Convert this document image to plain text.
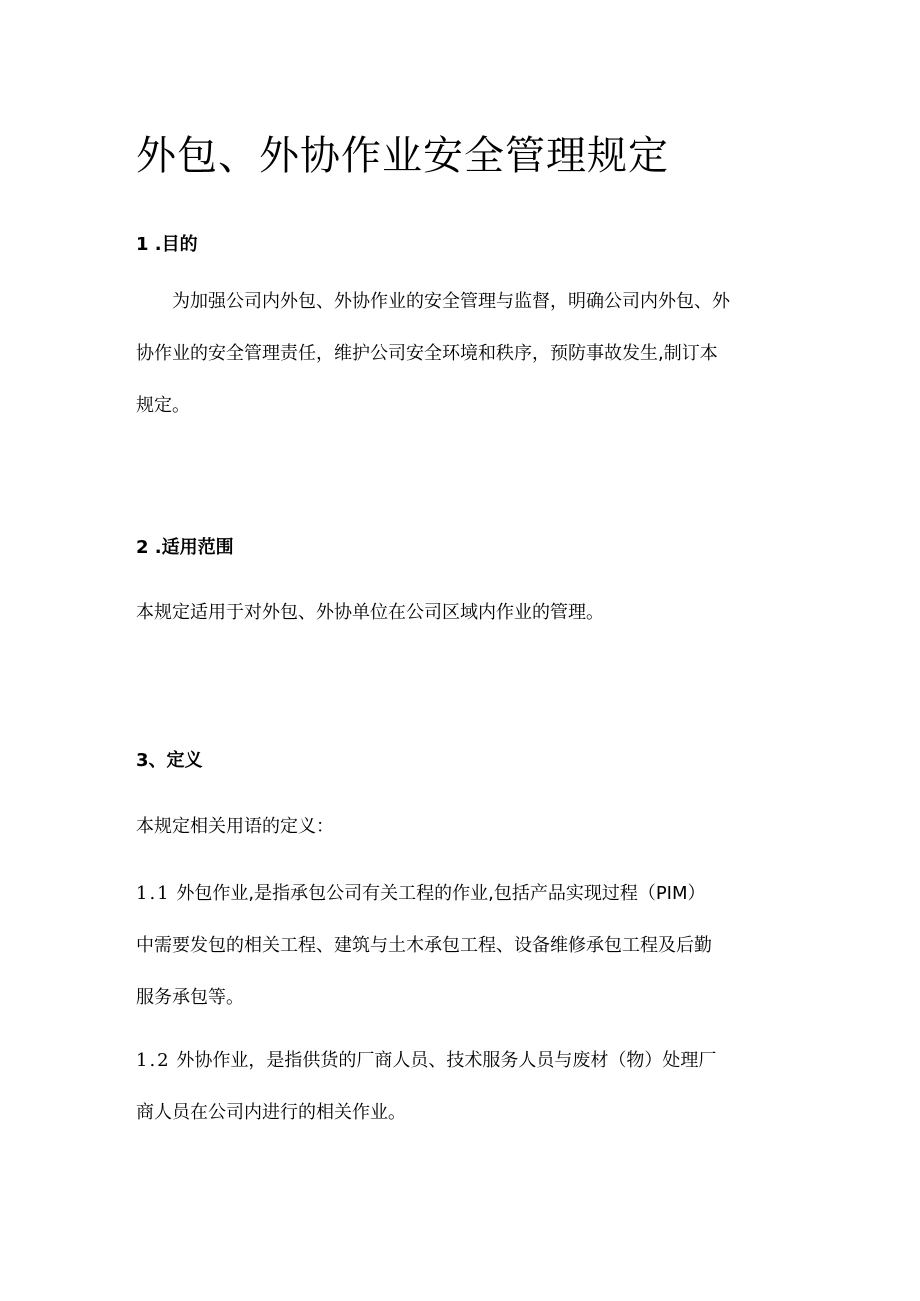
外包、外协作业安全管理规定
1 .目的
为加强公司内外包、外协作业的安全管理与监督，明确公司内外包、外
协作业的安全管理责任，维护公司安全环境和秩序，预防事故发生,制订本
规定。
2 .适用范围
本规定适用于对外包、外协单位在公司区域内作业的管理。
3、定义
本规定相关用语的定义：
1.1 外包作业,是指承包公司有关工程的作业,包括产品实现过程（PIM）
中需要发包的相关工程、建筑与土木承包工程、设备维修承包工程及后勤
服务承包等。
1.2 外协作业，是指供货的厂商人员、技术服务人员与废材（物）处理厂
商人员在公司内进行的相关作业。
